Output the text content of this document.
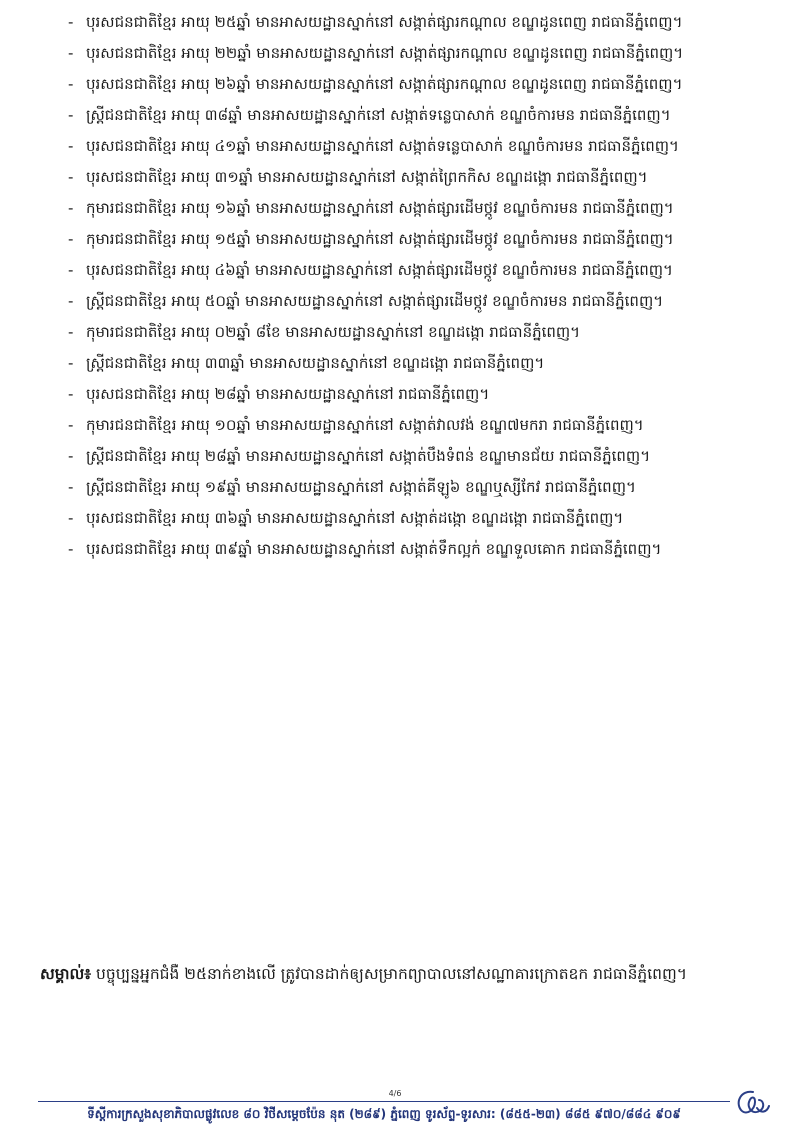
- បុរសជនជាតិខ្មែរ អាយុ ២៥ឆ្នាំ មានអាសយដ្ឋានស្នាក់នៅ សង្កាត់ផ្សារកណ្តាល ខណ្ឌដូនពេញ រាជធានីភ្នំពេញ។
- បុរសជនជាតិខ្មែរ អាយុ ២២ឆ្នាំ មានអាសយដ្ឋានស្នាក់នៅ សង្កាត់ផ្សារកណ្តាល ខណ្ឌដូនពេញ រាជធានីភ្នំពេញ។
- បុរសជនជាតិខ្មែរ អាយុ ២៦ឆ្នាំ មានអាសយដ្ឋានស្នាក់នៅ សង្កាត់ផ្សារកណ្តាល ខណ្ឌដូនពេញ រាជធានីភ្នំពេញ។
- ស្ត្រីជនជាតិខ្មែរ អាយុ ៣៨ឆ្នាំ មានអាសយដ្ឋានស្នាក់នៅ សង្កាត់ទន្លេបាសាក់ ខណ្ឌចំការមន រាជធានីភ្នំពេញ។
- បុរសជនជាតិខ្មែរ អាយុ ៤១ឆ្នាំ មានអាសយដ្ឋានស្នាក់នៅ សង្កាត់ទន្លេបាសាក់ ខណ្ឌចំការមន រាជធានីភ្នំពេញ។
- បុរសជនជាតិខ្មែរ អាយុ ៣១ឆ្នាំ មានអាសយដ្ឋានស្នាក់នៅ សង្កាត់ព្រៃកកិស ខណ្ឌដង្កោ រាជធានីភ្នំពេញ។
- កុមារជនជាតិខ្មែរ អាយុ ១៦ឆ្នាំ មានអាសយដ្ឋានស្នាក់នៅ សង្កាត់ផ្សារដើមថ្កូវ ខណ្ឌចំការមន រាជធានីភ្នំពេញ។
- កុមារជនជាតិខ្មែរ អាយុ ១៥ឆ្នាំ មានអាសយដ្ឋានស្នាក់នៅ សង្កាត់ផ្សារដើមថ្កូវ ខណ្ឌចំការមន រាជធានីភ្នំពេញ។
- បុរសជនជាតិខ្មែរ អាយុ ៤៦ឆ្នាំ មានអាសយដ្ឋានស្នាក់នៅ សង្កាត់ផ្សារដើមថ្កូវ ខណ្ឌចំការមន រាជធានីភ្នំពេញ។
- ស្ត្រីជនជាតិខ្មែរ អាយុ ៥០ឆ្នាំ មានអាសយដ្ឋានស្នាក់នៅ សង្កាត់ផ្សារដើមថ្កូវ ខណ្ឌចំការមន រាជធានីភ្នំពេញ។
- កុមារជនជាតិខ្មែរ អាយុ ០២ឆ្នាំ ៨ខែ មានអាសយដ្ឋានស្នាក់នៅ ខណ្ឌដង្កោ រាជធានីភ្នំពេញ។
- ស្ត្រីជនជាតិខ្មែរ អាយុ ៣៣ឆ្នាំ មានអាសយដ្ឋានស្នាក់នៅ ខណ្ឌដង្កោ រាជធានីភ្នំពេញ។
- បុរសជនជាតិខ្មែរ អាយុ ២៨ឆ្នាំ មានអាសយដ្ឋានស្នាក់នៅ រាជធានីភ្នំពេញ។
- កុមារជនជាតិខ្មែរ អាយុ ១០ឆ្នាំ មានអាសយដ្ឋានស្នាក់នៅ សង្កាត់វាលវង់ ខណ្ឌ៧មករា រាជធានីភ្នំពេញ។
- ស្ត្រីជនជាតិខ្មែរ អាយុ ២៨ឆ្នាំ មានអាសយដ្ឋានស្នាក់នៅ សង្កាត់បឹងទំពន់ ខណ្ឌមានជ័យ រាជធានីភ្នំពេញ។
- ស្ត្រីជនជាតិខ្មែរ អាយុ ១៩ឆ្នាំ មានអាសយដ្ឋានស្នាក់នៅ សង្កាត់គីឡូ៦ ខណ្ឌឬស្សីកែវ រាជធានីភ្នំពេញ។
- បុរសជនជាតិខ្មែរ អាយុ ៣៦ឆ្នាំ មានអាសយដ្ឋានស្នាក់នៅ សង្កាត់ដង្កោ ខណ្ឌដង្កោ រាជធានីភ្នំពេញ។
- បុរសជនជាតិខ្មែរ អាយុ ៣៩ឆ្នាំ មានអាសយដ្ឋានស្នាក់នៅ សង្កាត់ទឹកល្អក់ ខណ្ឌទួលគោក រាជធានីភ្នំពេញ។

សម្គាល់៖ បច្ចុប្បន្នអ្នកជំងឺ ២៥នាក់ខាងលើ ត្រូវបានដាក់ឲ្យសម្រាកព្យាបាលនៅសណ្ឋាគារក្រោតឧក រាជធានីភ្នំពេញ។

4/6
ទីស្តីការក្រសួងសុខាភិបាលផ្លូវលេខ ៨០ វិថីសម្តេចប៉ែន នុត (២៨៩) ភ្នំពេញ ទូរស័ព្ទ-ទូរសារ: (៨៥៥-២៣) ៨៨៥ ៩៧០/៨៨៤ ៩០៩
